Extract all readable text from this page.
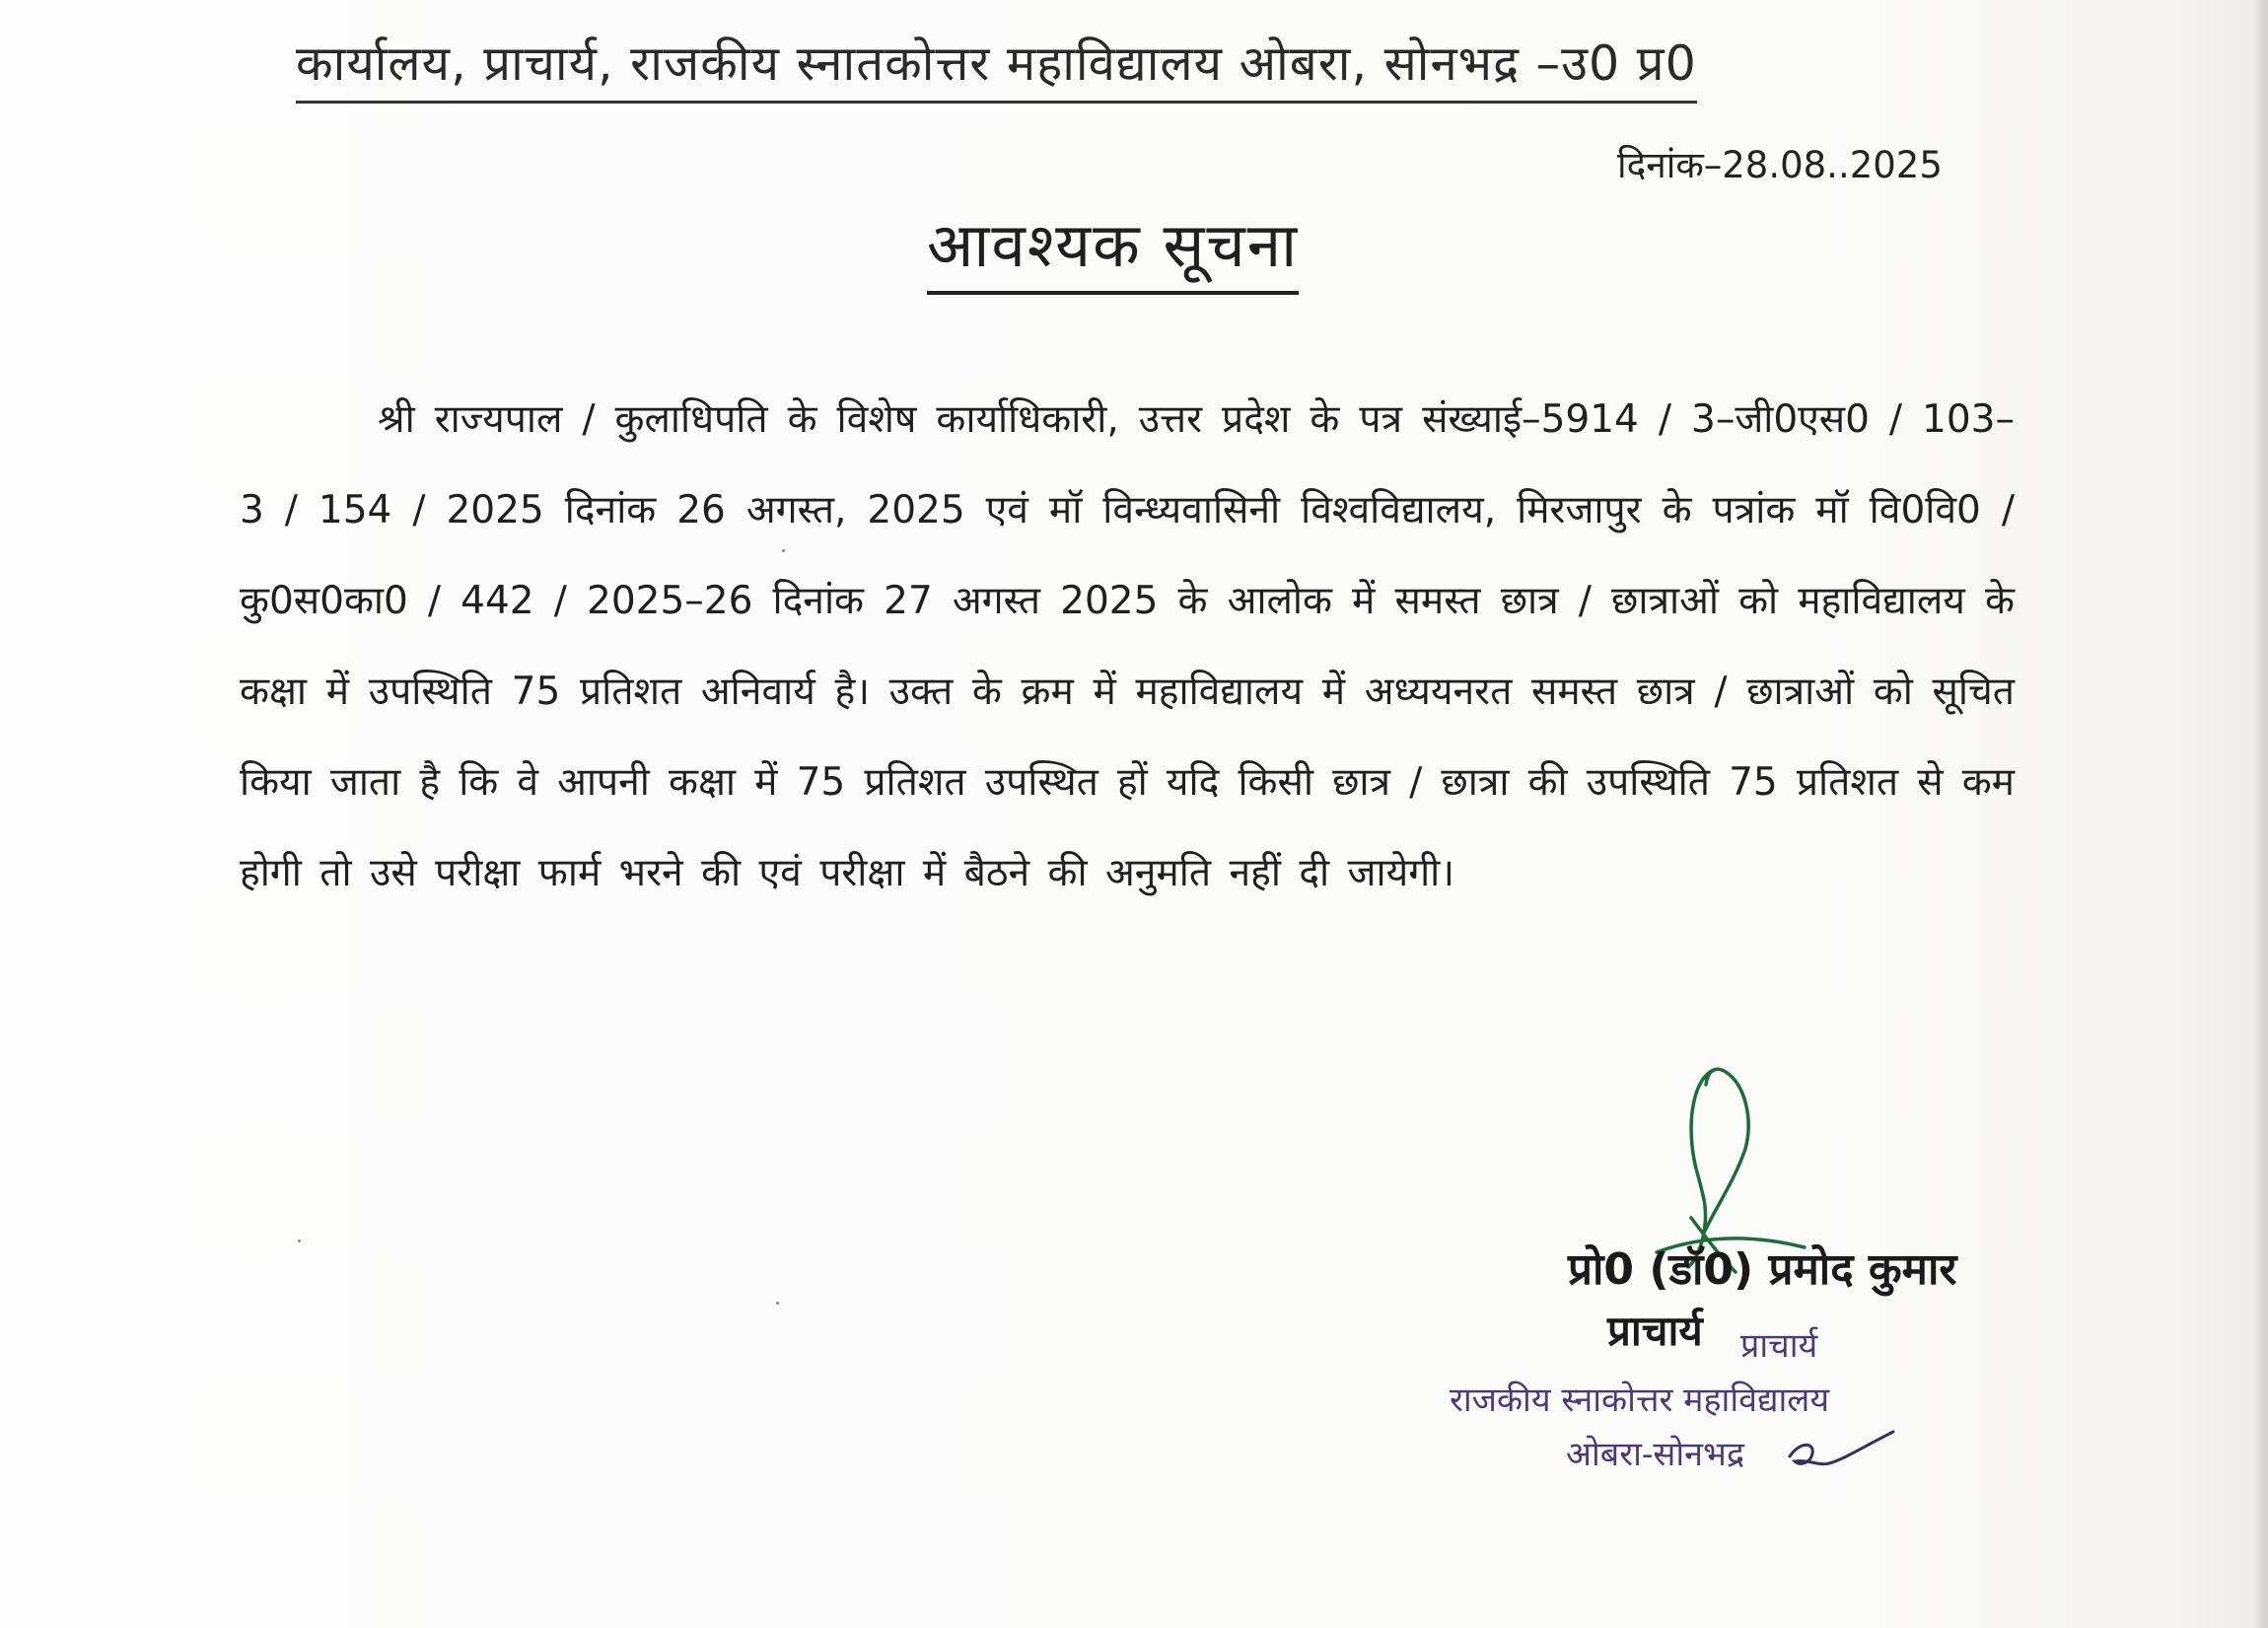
कार्यालय, प्राचार्य, राजकीय स्नातकोत्तर महाविद्यालय ओबरा, सोनभद्र –उ0 प्र0
दिनांक–28.08..2025
आवश्यक सूचना
श्री राज्यपाल / कुलाधिपति के विशेष कार्याधिकारी, उत्तर प्रदेश के पत्र संख्याई–5914 / 3–जी0एस0 / 103–3 / 154 / 2025 दिनांक 26 अगस्त, 2025 एवं मॉ विन्ध्यवासिनी विश्वविद्यालय, मिरजापुर के पत्रांक मॉ वि0वि0 / कु0स0का0 / 442 / 2025–26 दिनांक 27 अगस्त 2025 के आलोक में समस्त छात्र / छात्राओं को महाविद्यालय के कक्षा में उपस्थिति 75 प्रतिशत अनिवार्य है। उक्त के क्रम में महाविद्यालय में अध्ययनरत समस्त छात्र / छात्राओं को सूचित किया जाता है कि वे आपनी कक्षा में 75 प्रतिशत उपस्थित हों यदि किसी छात्र / छात्रा की उपस्थिति 75 प्रतिशत से कम होगी तो उसे परीक्षा फार्म भरने की एवं परीक्षा में बैठने की अनुमति नहीं दी जायेगी।
प्रो0 (डॉ0) प्रमोद कुमार
प्राचार्य प्राचार्य
राजकीय स्नाकोत्तर महाविद्यालय
ओबरा-सोनभद्र
